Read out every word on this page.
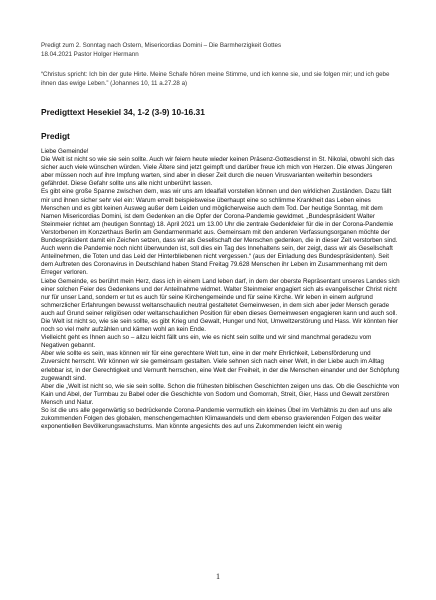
Predigt zum 2. Sonntag nach Ostern, Misericordias Domini – Die Barmherzigkeit Gottes
18.04.2021 Pastor Holger Hermann
“Christus spricht: Ich bin der gute Hirte. Meine Schafe hören meine Stimme, und ich kenne sie, und sie folgen mir; und ich gebe ihnen das ewige Leben.” (Johannes 10, 11 a.27.28 a)
Predigttext Hesekiel 34, 1-2 (3-9) 10-16.31
Predigt

Liebe Gemeinde!

Die Welt ist nicht so wie sie sein sollte. Auch wir feiern heute wieder keinen Präsenz-Gottesdienst in St. Nikolai, obwohl sich das sicher auch viele wünschen würden. Viele Ältere sind jetzt geimpft und darüber freue ich mich von Herzen. Die etwas Jüngeren aber müssen noch auf ihre Impfung warten, sind aber in dieser Zeit durch die neuen Virusvarianten weiterhin besonders gefährdet. Diese Gefahr sollte uns alle nicht unberührt lassen.

Es gibt eine große Spanne zwischen dem, was wir uns am Idealfall vorstellen können und den wirklichen Zuständen. Dazu fällt mir und ihnen sicher sehr viel ein: Warum erreilt beispielsweise überhaupt eine so schlimme Krankheit das Leben eines Menschen und es gibt keinen Ausweg außer dem Leiden und möglicherweise auch dem Tod. Der heutige Sonntag, mit dem Namen Misericordias Domini, ist dem Gedenken an die Opfer der Corona-Pandemie gewidmet. „Bundespräsident Walter Steinmeier richtet am (heutigen Sonntag) 18. April 2021 um 13.00 Uhr die zentrale Gedenkfeier für die in der Corona-Pandemie Verstorbenen im Konzerthaus Berlin am Gendarmenmarkt aus. Gemeinsam mit den anderen Verfassungsorganen möchte der Bundespräsident damit ein Zeichen setzen, dass wir als Gesellschaft der Menschen gedenken, die in dieser Zeit verstorben sind. Auch wenn die Pandemie noch nicht überwunden ist, soll dies ein Tag des Innehaltens sein, der zeigt, dass wir als Gesellschaft Anteilnehmen, die Toten und das Leid der Hinterbliebenen nicht vergessen.“ (aus der Einladung des Bundespräsidenten). Seit dem Auftreten des Coronavirus in Deutschland haben Stand Freitag 79.628 Menschen ihr Leben im Zusammenhang mit dem Erreger verloren.

Liebe Gemeinde, es berührt mein Herz, dass ich in einem Land leben darf, in dem der oberste Repräsentant unseres Landes sich einer solchen Feier des Gedenkens und der Anteilnahme widmet. Walter Steinmeier engagiert sich als evangelischer Christ nicht nur für unser Land, sondern er tut es auch für seine Kirchengemeinde und für seine Kirche. Wir leben in einem aufgrund schmerzlicher Erfahrungen bewusst weltanschaulich neutral gestaltetet Gemeinwesen, in dem sich aber jeder Mensch gerade auch auf Grund seiner religiösen oder weltanschaulichen Position für eben dieses Gemeinwesen engagieren kann und auch soll.

Die Welt ist nicht so, wie sie sein sollte, es gibt Krieg und Gewalt, Hunger und Not, Umweltzerstörung und Hass. Wir könnten hier noch so viel mehr aufzählen und kämen wohl an kein Ende.

Vielleicht geht es Ihnen auch so – allzu leicht fällt uns ein, wie es nicht sein sollte und wir sind manchmal geradezu vom Negativen gebannt.

Aber wie sollte es sein, was können wir für eine gerechtere Welt tun, eine in der mehr Ehrlichkeit, Lebensförderung und Zuversicht herrscht. Wir können wir sie gemeinsam gestalten. Viele sehnen sich nach einer Welt, in der Liebe auch im Alltag erlebbar ist, in der Gerechtigkeit und Vernunft herrschen, eine Welt der Freiheit, in der die Menschen einander und der Schöpfung zugewandt sind.

Aber die „Welt ist nicht so, wie sie sein sollte. Schon die frühesten biblischen Geschichten zeigen uns das. Ob die Geschichte von Kain und Abel, der Turmbau zu Babel oder die Geschichte von Sodom und Gomorrah, Streit, Gier, Hass und Gewalt zerstören Mensch und Natur.

So ist die uns alle gegenwärtig so bedrückende Corona-Pandemie vermutlich ein kleines Übel im Verhältnis zu den auf uns alle zukommenden Folgen des globalen, menschengemachten Klimawandels und dem ebenso gravierenden Folgen des weiter exponentiellen Bevölkerungswachstums. Man könnte angesichts des auf uns Zukommenden leicht ein wenig

1
